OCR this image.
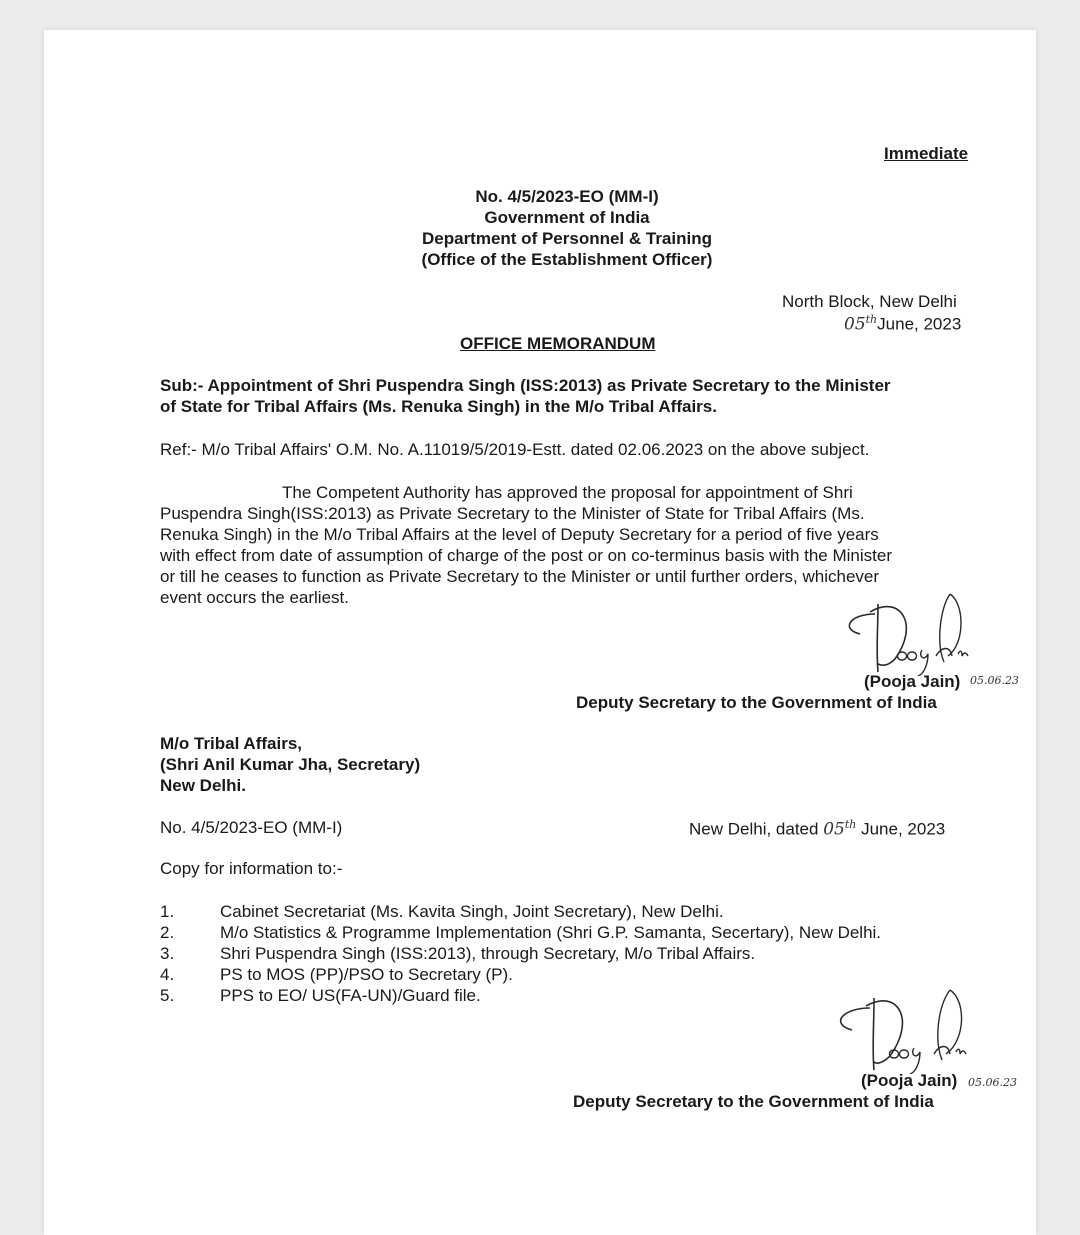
Immediate
No. 4/5/2023-EO (MM-I)
Government of India
Department of Personnel & Training
(Office of the Establishment Officer)
North Block, New Delhi
05thJune, 2023
OFFICE MEMORANDUM
Sub:- Appointment of Shri Puspendra Singh (ISS:2013) as Private Secretary to the Minister
of State for Tribal Affairs (Ms. Renuka Singh) in the M/o Tribal Affairs.
Ref:- M/o Tribal Affairs' O.M. No. A.11019/5/2019-Estt. dated 02.06.2023 on the above subject.

The Competent Authority has approved the proposal for appointment of Shri

Puspendra Singh(ISS:2013) as Private Secretary to the Minister of State for Tribal Affairs (Ms.

Renuka Singh) in the M/o Tribal Affairs at the level of Deputy Secretary for a period of five years

with effect from date of assumption of charge of the post or on co-terminus basis with the Minister

or till he ceases to function as Private Secretary to the Minister or until further orders, whichever

event occurs the earliest.

(Pooja Jain) 05.06.23
Deputy Secretary to the Government of India
M/o Tribal Affairs,
(Shri Anil Kumar Jha, Secretary)
New Delhi.
No. 4/5/2023-EO (MM-I)	New Delhi, dated 05th June, 2023
Copy for information to:-
1.	Cabinet Secretariat (Ms. Kavita Singh, Joint Secretary), New Delhi.
2.	M/o Statistics & Programme Implementation (Shri G.P. Samanta, Secertary), New Delhi.
3.	Shri Puspendra Singh (ISS:2013), through Secretary, M/o Tribal Affairs.
4.	PS to MOS (PP)/PSO to Secretary (P).
5.	PPS to EO/ US(FA-UN)/Guard file.
(Pooja Jain) 05.06.23
Deputy Secretary to the Government of India
